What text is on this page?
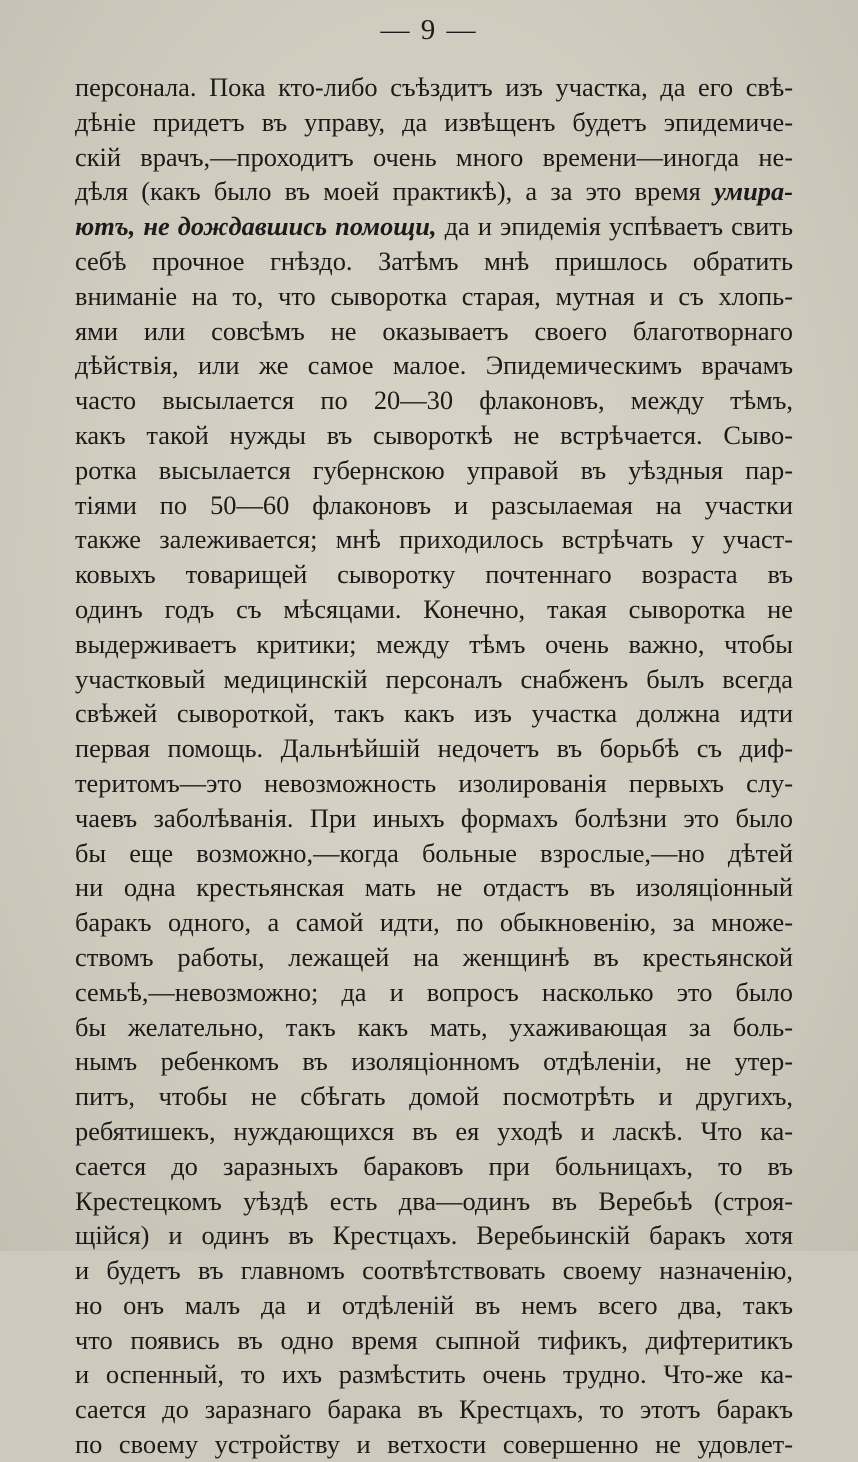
— 9 —
персонала. Пока кто-либо съѣздитъ изъ участка, да его свѣ-
дѣніе придетъ въ управу, да извѣщенъ будетъ эпидемиче-
скій врачъ,—проходитъ очень много времени—иногда не-
дѣля (какъ было въ моей практикѣ), а за это время умира-
ютъ, не дождавшись помощи, да и эпидемія успѣваетъ свить
себѣ прочное гнѣздо. Затѣмъ мнѣ пришлось обратить
вниманіе на то, что сыворотка старая, мутная и съ хлопь-
ями или совсѣмъ не оказываетъ своего благотворнаго
дѣйствія, или же самое малое. Эпидемическимъ врачамъ
часто высылается по 20—30 флаконовъ, между тѣмъ,
какъ такой нужды въ сывороткѣ не встрѣчается. Сыво-
ротка высылается губернскою управой въ уѣздныя пар-
тіями по 50—60 флаконовъ и разсылаемая на участки
также залеживается; мнѣ приходилось встрѣчать у участ-
ковыхъ товарищей сыворотку почтеннаго возраста въ
одинъ годъ съ мѣсяцами. Конечно, такая сыворотка не
выдерживаетъ критики; между тѣмъ очень важно, чтобы
участковый медицинскій персоналъ снабженъ былъ всегда
свѣжей сывороткой, такъ какъ изъ участка должна идти
первая помощь. Дальнѣйшій недочетъ въ борьбѣ съ диф-
теритомъ—это невозможность изолированія первыхъ слу-
чаевъ заболѣванія. При иныхъ формахъ болѣзни это было
бы еще возможно,—когда больные взрослые,—но дѣтей
ни одна крестьянская мать не отдастъ въ изоляціонный
баракъ одного, а самой идти, по обыкновенію, за множе-
ствомъ работы, лежащей на женщинѣ въ крестьянской
семьѣ,—невозможно; да и вопросъ насколько это было
бы желательно, такъ какъ мать, ухаживающая за боль-
нымъ ребенкомъ въ изоляціонномъ отдѣленіи, не утер-
питъ, чтобы не сбѣгать домой посмотрѣть и другихъ,
ребятишекъ, нуждающихся въ ея уходѣ и ласкѣ. Что ка-
сается до заразныхъ бараковъ при больницахъ, то въ
Крестецкомъ уѣздѣ есть два—одинъ въ Веребьѣ (строя-
щійся) и одинъ въ Крестцахъ. Веребьинскій баракъ хотя
и будетъ въ главномъ соотвѣтствовать своему назначенію,
но онъ малъ да и отдѣленій въ немъ всего два, такъ
что появись въ одно время сыпной тификъ, дифтеритикъ
и оспенный, то ихъ размѣстить очень трудно. Что-же ка-
сается до заразнаго барака въ Крестцахъ, то этотъ баракъ
по своему устройству и ветхости совершенно не удовлет-
